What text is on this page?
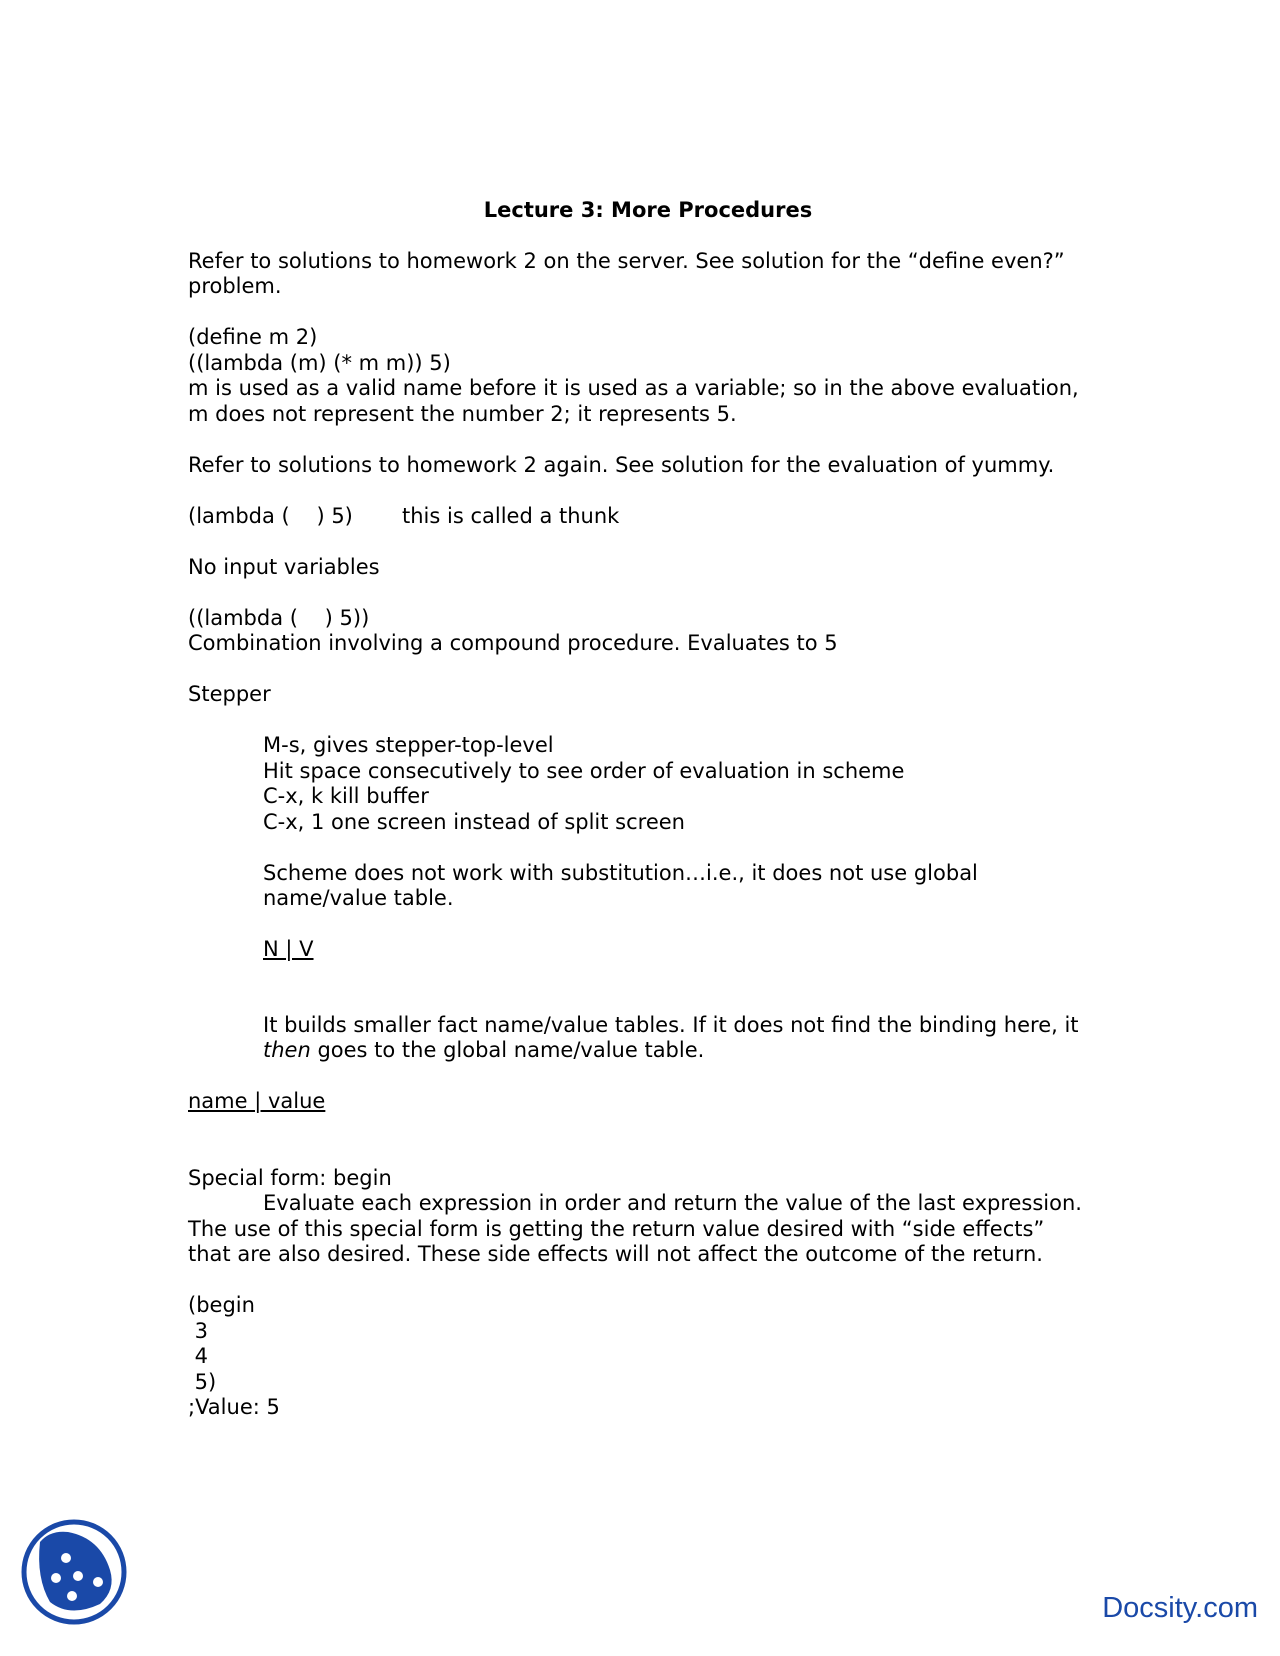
Lecture 3: More Procedures
Refer to solutions to homework 2 on the server. See solution for the “define even?”
problem.
(define m 2)
((lambda (m) (* m m)) 5)
m is used as a valid name before it is used as a variable; so in the above evaluation,
m does not represent the number 2; it represents 5.
Refer to solutions to homework 2 again. See solution for the evaluation of yummy.
(lambda (    ) 5) this is called a thunk
No input variables
((lambda (    ) 5))
Combination involving a compound procedure. Evaluates to 5
Stepper
M-s, gives stepper-top-level
Hit space consecutively to see order of evaluation in scheme
C-x, k kill buffer
C-x, 1 one screen instead of split screen
Scheme does not work with substitution…i.e., it does not use global
name/value table.
N | V
It builds smaller fact name/value tables. If it does not find the binding here, it
then goes to the global name/value table.
name | value
Special form: begin
Evaluate each expression in order and return the value of the last expression.
The use of this special form is getting the return value desired with “side effects”
that are also desired. These side effects will not affect the outcome of the return.
(begin
3
4
5)
;Value: 5
Docsity.com
